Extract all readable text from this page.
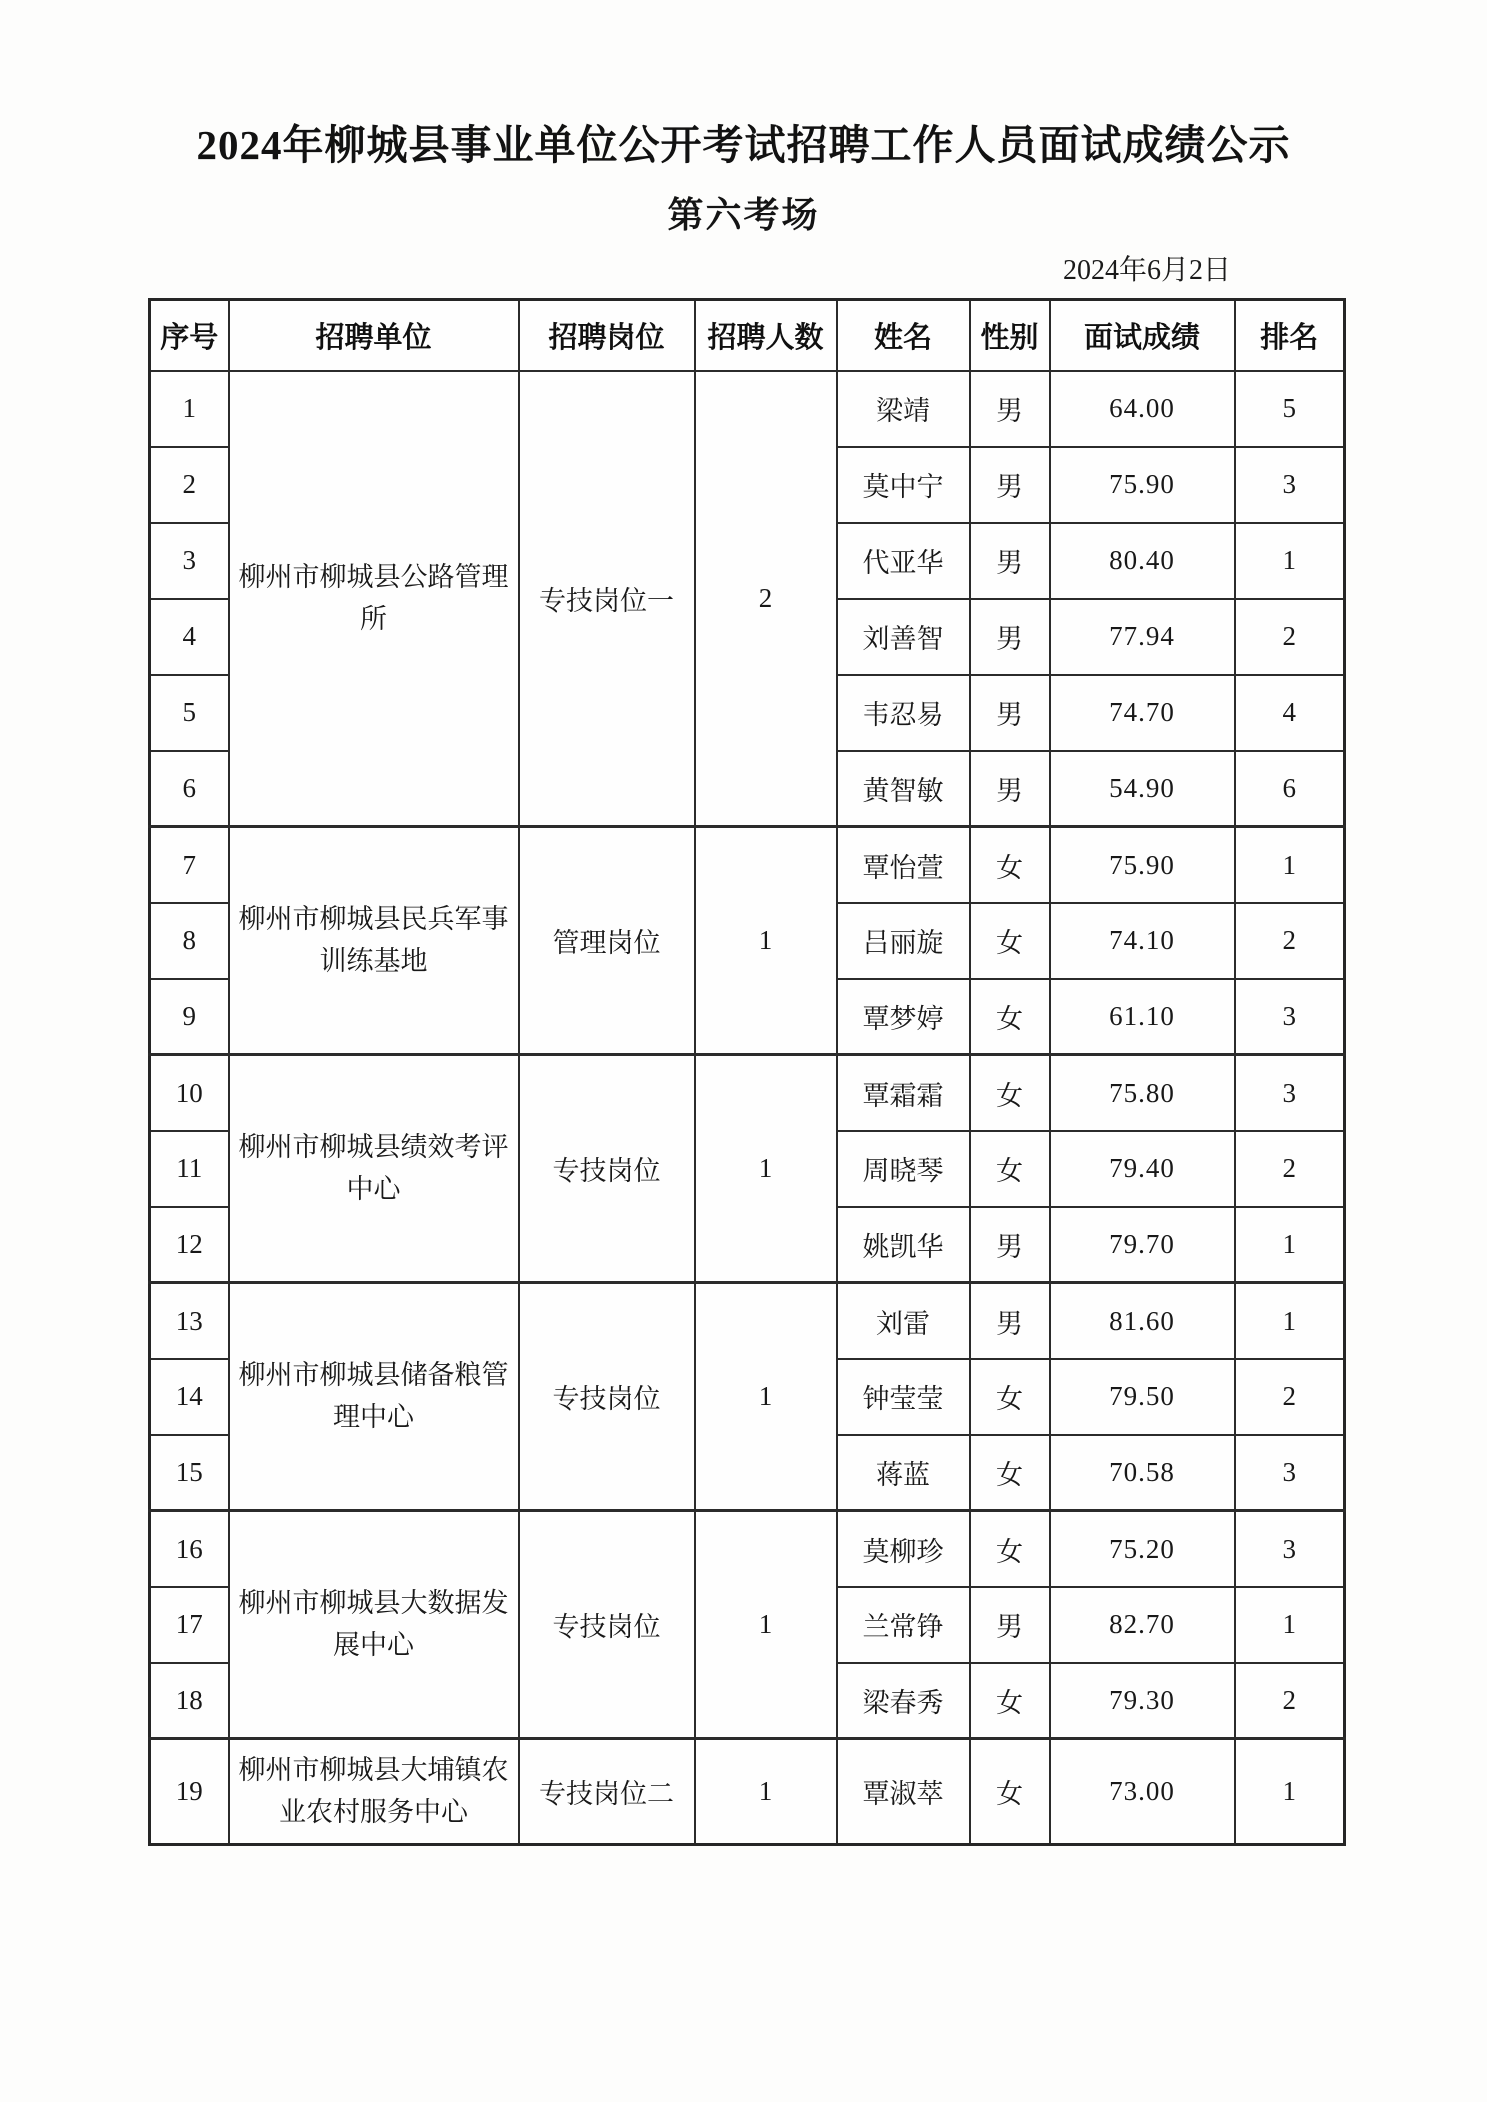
2024年柳城县事业单位公开考试招聘工作人员面试成绩公示
第六考场
2024年6月2日
序号	招聘单位	招聘岗位	招聘人数	姓名	性别	面试成绩	排名
1	柳州市柳城县公路管理所	专技岗位一	2	梁靖	男	64.00	5
2				莫中宁	男	75.90	3
3				代亚华	男	80.40	1
4				刘善智	男	77.94	2
5				韦忍易	男	74.70	4
6				黄智敏	男	54.90	6
7	柳州市柳城县民兵军事训练基地	管理岗位	1	覃怡萱	女	75.90	1
8				吕丽旋	女	74.10	2
9				覃梦婷	女	61.10	3
10	柳州市柳城县绩效考评中心	专技岗位	1	覃霜霜	女	75.80	3
11				周晓琴	女	79.40	2
12				姚凯华	男	79.70	1
13	柳州市柳城县储备粮管理中心	专技岗位	1	刘雷	男	81.60	1
14				钟莹莹	女	79.50	2
15				蒋蓝	女	70.58	3
16	柳州市柳城县大数据发展中心	专技岗位	1	莫柳珍	女	75.20	3
17				兰常铮	男	82.70	1
18				梁春秀	女	79.30	2
19	柳州市柳城县大埔镇农业农村服务中心	专技岗位二	1	覃淑萃	女	73.00	1
